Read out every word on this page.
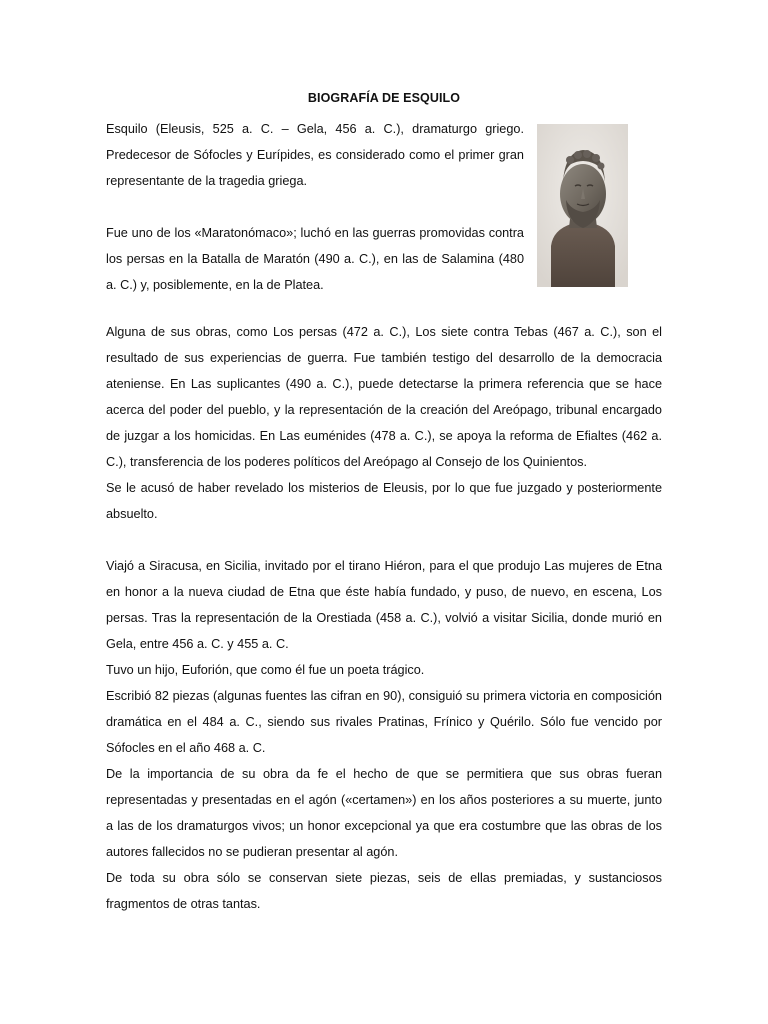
BIOGRAFÍA DE ESQUILO

Esquilo (Eleusis, 525 a. C. – Gela, 456 a. C.), dramaturgo griego. Predecesor de Sófocles y Eurípides, es considerado como el primer gran representante de la tragedia griega.

Fue uno de los «Maratonómaco»; luchó en las guerras promovidas contra los persas en la Batalla de Maratón (490 a. C.), en las de Salamina (480 a. C.) y, posiblemente, en la de Platea.

Alguna de sus obras, como Los persas (472 a. C.), Los siete contra Tebas (467 a. C.), son el resultado de sus experiencias de guerra. Fue también testigo del desarrollo de la democracia ateniense. En Las suplicantes (490 a. C.), puede detectarse la primera referencia que se hace acerca del poder del pueblo, y la representación de la creación del Areópago, tribunal encargado de juzgar a los homicidas. En Las euménides (478 a. C.), se apoya la reforma de Efialtes (462 a. C.), transferencia de los poderes políticos del Areópago al Consejo de los Quinientos.

Se le acusó de haber revelado los misterios de Eleusis, por lo que fue juzgado y posteriormente absuelto.

Viajó a Siracusa, en Sicilia, invitado por el tirano Hiéron, para el que produjo Las mujeres de Etna en honor a la nueva ciudad de Etna que éste había fundado, y puso, de nuevo, en escena, Los persas. Tras la representación de la Orestiada (458 a. C.), volvió a visitar Sicilia, donde murió en Gela, entre 456 a. C. y 455 a. C.

Tuvo un hijo, Euforión, que como él fue un poeta trágico.

Escribió 82 piezas (algunas fuentes las cifran en 90), consiguió su primera victoria en composición dramática en el 484 a. C., siendo sus rivales Pratinas, Frínico y Quérilo. Sólo fue vencido por Sófocles en el año 468 a. C.

De la importancia de su obra da fe el hecho de que se permitiera que sus obras fueran representadas y presentadas en el agón («certamen») en los años posteriores a su muerte, junto a las de los dramaturgos vivos; un honor excepcional ya que era costumbre que las obras de los autores fallecidos no se pudieran presentar al agón.

De toda su obra sólo se conservan siete piezas, seis de ellas premiadas, y sustanciosos fragmentos de otras tantas.
